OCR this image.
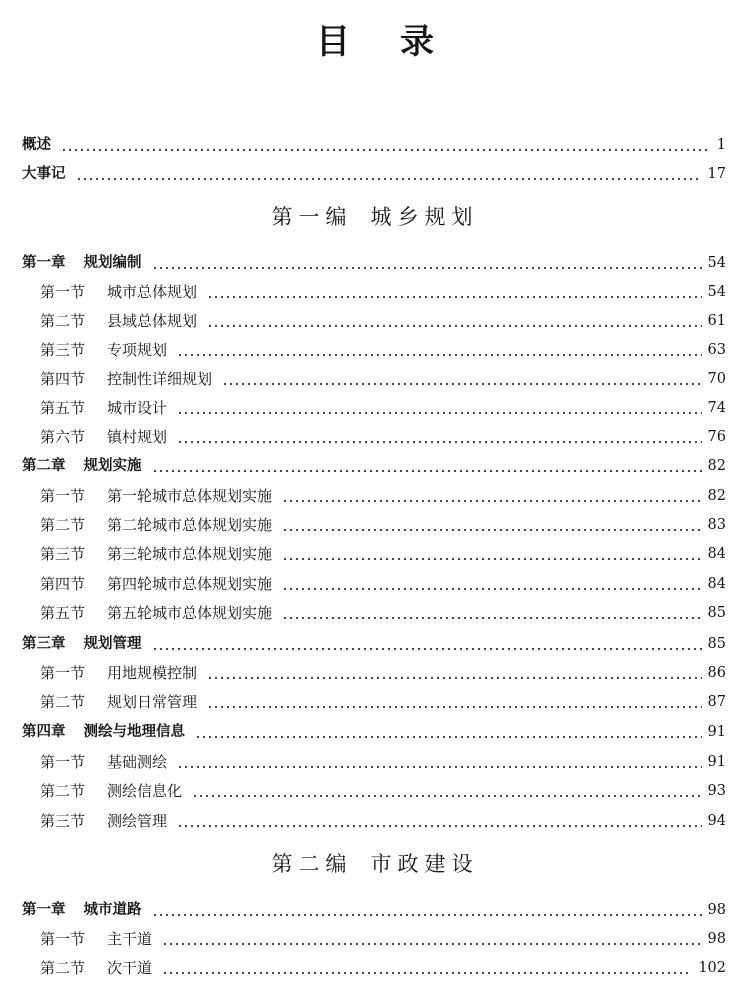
目录
概述	1
大事记	17
第一编 城乡规划
第一章 规划编制	54
第一节 城市总体规划	54
第二节 县域总体规划	61
第三节 专项规划	63
第四节 控制性详细规划	70
第五节 城市设计	74
第六节 镇村规划	76
第二章 规划实施	82
第一节 第一轮城市总体规划实施	82
第二节 第二轮城市总体规划实施	83
第三节 第三轮城市总体规划实施	84
第四节 第四轮城市总体规划实施	84
第五节 第五轮城市总体规划实施	85
第三章 规划管理	85
第一节 用地规模控制	86
第二节 规划日常管理	87
第四章 测绘与地理信息	91
第一节 基础测绘	91
第二节 测绘信息化	93
第三节 测绘管理	94
第二编 市政建设
第一章 城市道路	98
第一节 主干道	98
第二节 次干道	102
